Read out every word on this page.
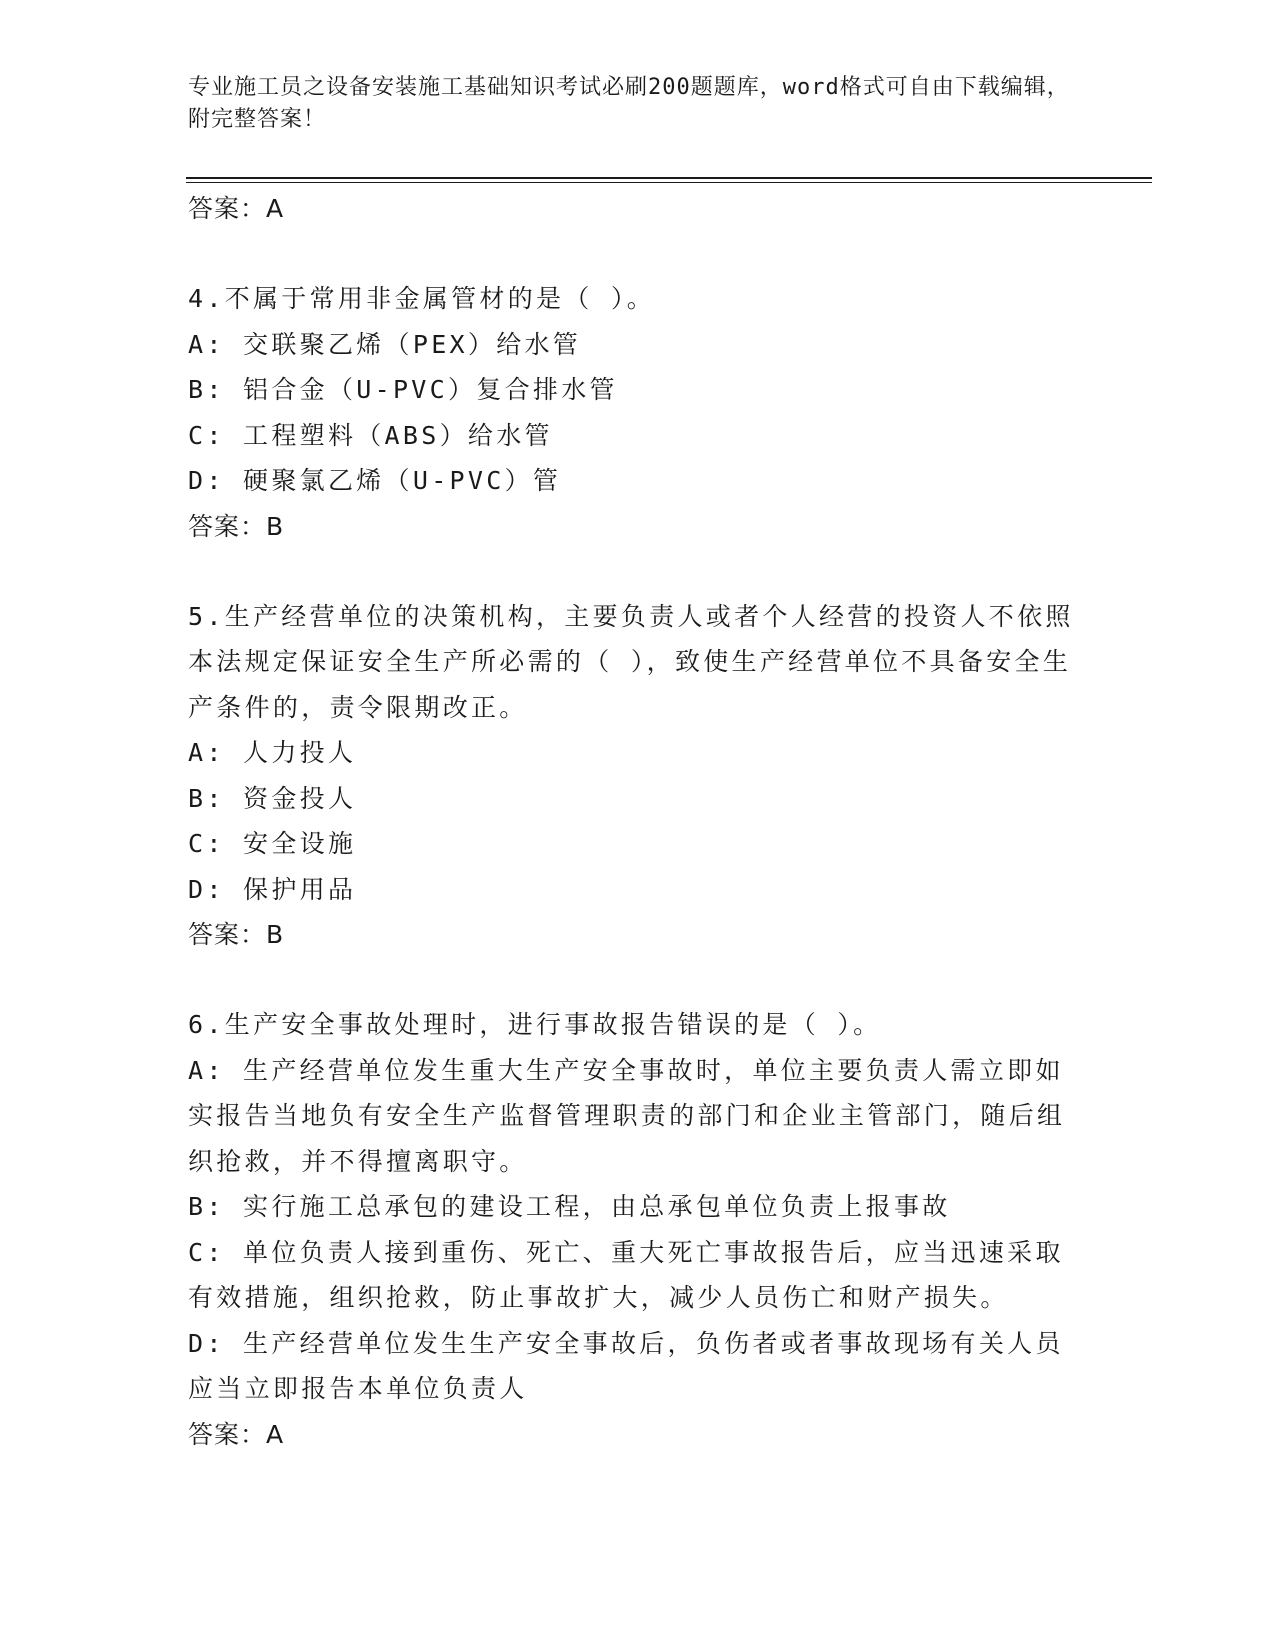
专业施工员之设备安装施工基础知识考试必刷200题题库，word格式可自由下载编辑，附完整答案！
答案：A
4.不属于常用非金属管材的是（ ）。
A: 交联聚乙烯（PEX）给水管
B: 铝合金（U-PVC）复合排水管
C: 工程塑料（ABS）给水管
D: 硬聚氯乙烯（U-PVC）管
答案：B
5.生产经营单位的决策机构，主要负责人或者个人经营的投资人不依照本法规定保证安全生产所必需的（ ），致使生产经营单位不具备安全生产条件的，责令限期改正。
A: 人力投人
B: 资金投人
C: 安全设施
D: 保护用品
答案：B
6.生产安全事故处理时，进行事故报告错误的是（ ）。
A: 生产经营单位发生重大生产安全事故时，单位主要负责人需立即如实报告当地负有安全生产监督管理职责的部门和企业主管部门，随后组织抢救，并不得擅离职守。
B: 实行施工总承包的建设工程，由总承包单位负责上报事故
C: 单位负责人接到重伤、死亡、重大死亡事故报告后，应当迅速采取有效措施，组织抢救，防止事故扩大，减少人员伤亡和财产损失。
D: 生产经营单位发生生产安全事故后，负伤者或者事故现场有关人员应当立即报告本单位负责人
答案：A
